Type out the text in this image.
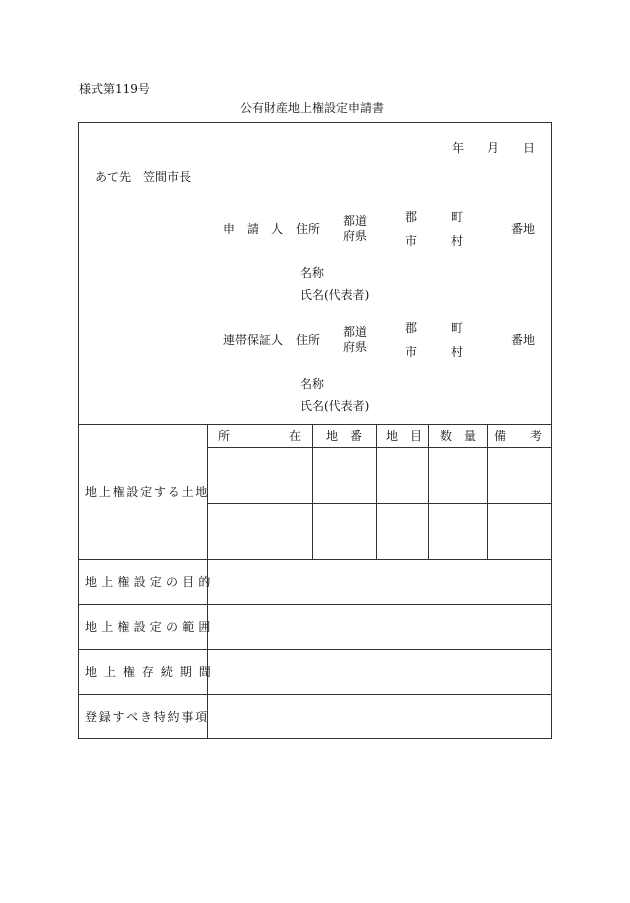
様式第119号
公有財産地上権設定申請書
年 月 日
あて先　笠間市長
申　請　人 住所
都道
府県
郡
市
町
村
番地
名称
氏名(代表者)
連帯保証人 住所
都道
府県
郡
市
町
村
番地
名称
氏名(代表者)
地上権設定する土地
所	在 地　番 地　目 数　量 備　　考
地上権設定の目的
地上権設定の範囲
地上権存続期間
登録すべき特約事項
